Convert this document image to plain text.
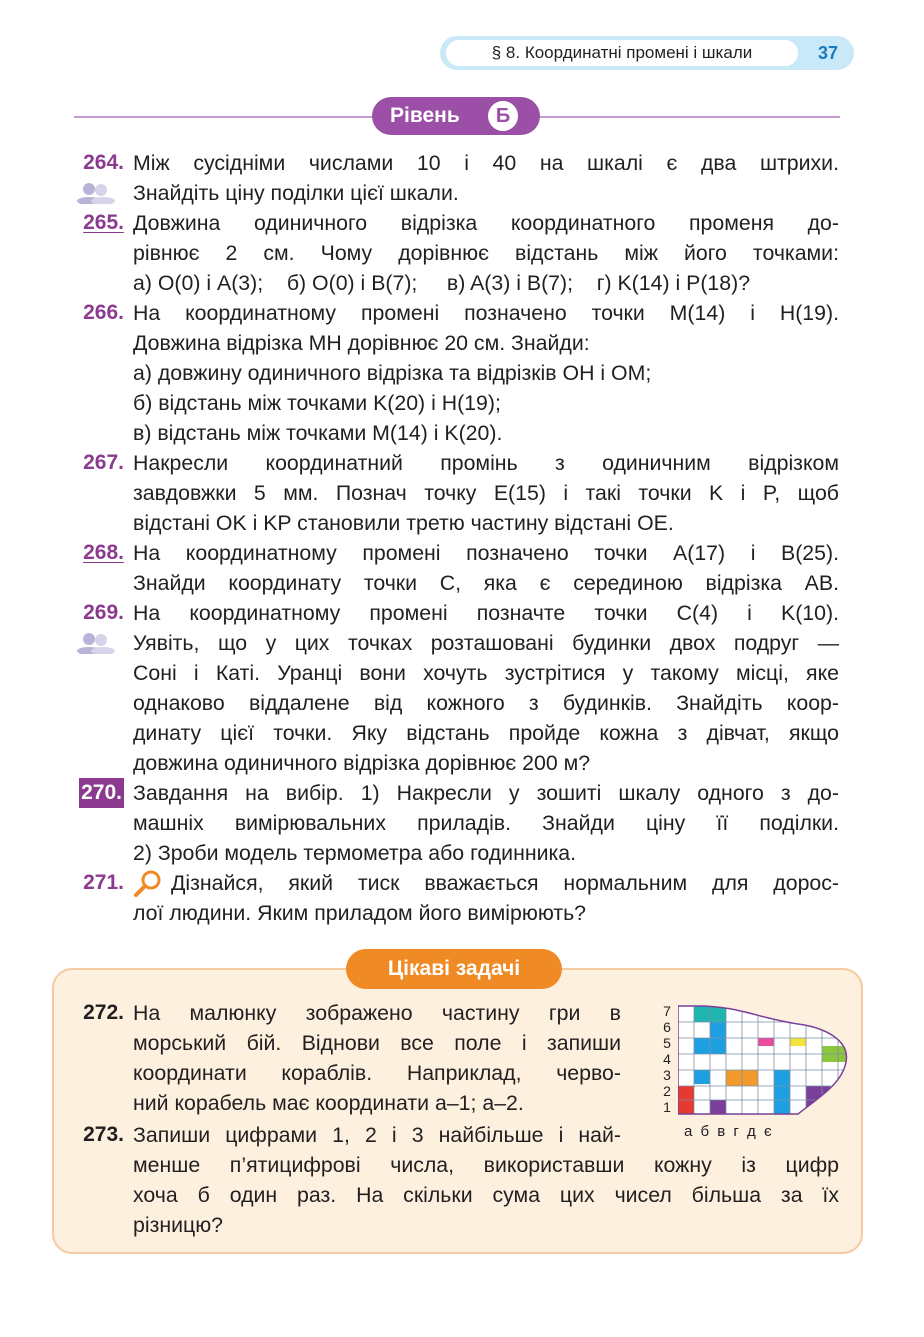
§ 8. Координатні промені і шкали	37
Рівень	Б
264. Між сусідніми числами 10 і 40 на шкалі є два штрихи.
Знайдіть ціну поділки цієї шкали.
265. Довжина одиничного відрізка координатного променя до-
рівнює 2 см. Чому дорівнює відстань між його точками:
а) O(0) і A(3);    б) O(0) і B(7);     в) A(3) і B(7);    г) K(14) і P(18)?
266. На координатному промені позначено точки M(14) і H(19).
Довжина відрізка MH дорівнює 20 см. Знайди:
а) довжину одиничного відрізка та відрізків OH і OM;
б) відстань між точками K(20) і H(19);
в) відстань між точками M(14) і K(20).
267. Накресли координатний промінь з одиничним відрізком
завдовжки 5 мм. Познач точку E(15) і такі точки K і P, щоб
відстані OK і KP становили третю частину відстані OE.
268. На координатному промені позначено точки A(17) і B(25).
Знайди координату точки C, яка є серединою відрізка AB.
269. На координатному промені позначте точки C(4) і K(10).
Уявіть, що у цих точках розташовані будинки двох подруг —
Соні і Каті. Уранці вони хочуть зустрітися у такому місці, яке
однаково віддалене від кожного з будинків. Знайдіть коор-
динату цієї точки. Яку відстань пройде кожна з дівчат, якщо
довжина одиничного відрізка дорівнює 200 м?
270. Завдання на вибір. 1) Накресли у зошиті шкалу одного з до-
машніх вимірювальних приладів. Знайди ціну її поділки.
2) Зроби модель термометра або годинника.
271. Дізнайся, який тиск вважається нормальним для дорос-
лої людини. Яким приладом його вимірюють?
Цікаві задачі
272. На малюнку зображено частину гри в
морський бій. Віднови все поле і запиши
координати кораблів. Наприклад, черво-
ний корабель має координати а–1; а–2.
273. Запиши цифрами 1, 2 і 3 найбільше і най-
менше п’ятицифрові числа, використавши кожну із цифр
хоча б один раз. На скільки сума цих чисел більша за їх
різницю?
7
6
5
4
3
2
1
а б в г д є
